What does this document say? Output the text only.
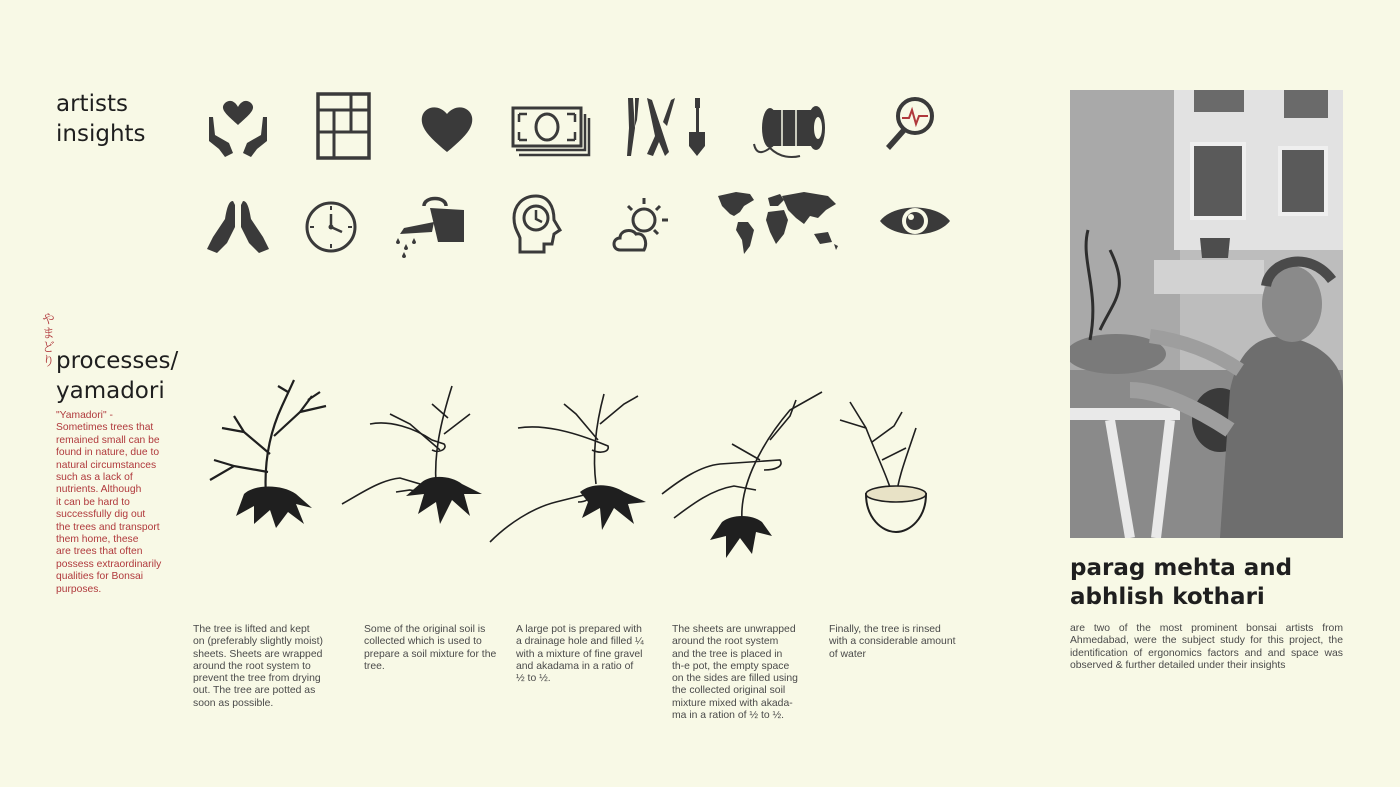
artists
insights
やまどり processes/
yamadori
"Yamadori" -
Sometimes trees that
remained small can be
found in nature, due to
natural circumstances
such as a lack of
nutrients. Although
it can be hard to
successfully dig out
the trees and transport
them home, these
are trees that often
possess extraordinarily
qualities for Bonsai
purposes.
The tree is lifted and kept
on (preferably slightly moist)
sheets. Sheets are wrapped
around the root system to
prevent the tree from drying
out. The tree are potted as
soon as possible.
Some of the original soil is
collected which is used to
prepare a soil mixture for the
tree.
A large pot is prepared with
a drainage hole and filled ¼
with a mixture of fine gravel
and akadama in a ratio of
½ to ½.
The sheets are unwrapped
around the root system
and the tree is placed in
th-e pot, the empty space
on the sides are filled using
the collected original soil
mixture mixed with akada-
ma in a ration of ½ to ½.
Finally, the tree is rinsed
with a considerable amount
of water
parag mehta and
abhlish kothari
are two of the most prominent bonsai artists from Ahmedabad, were the subject study for this project, the identification of ergonomics factors and and space was observed & further detailed under their insights
